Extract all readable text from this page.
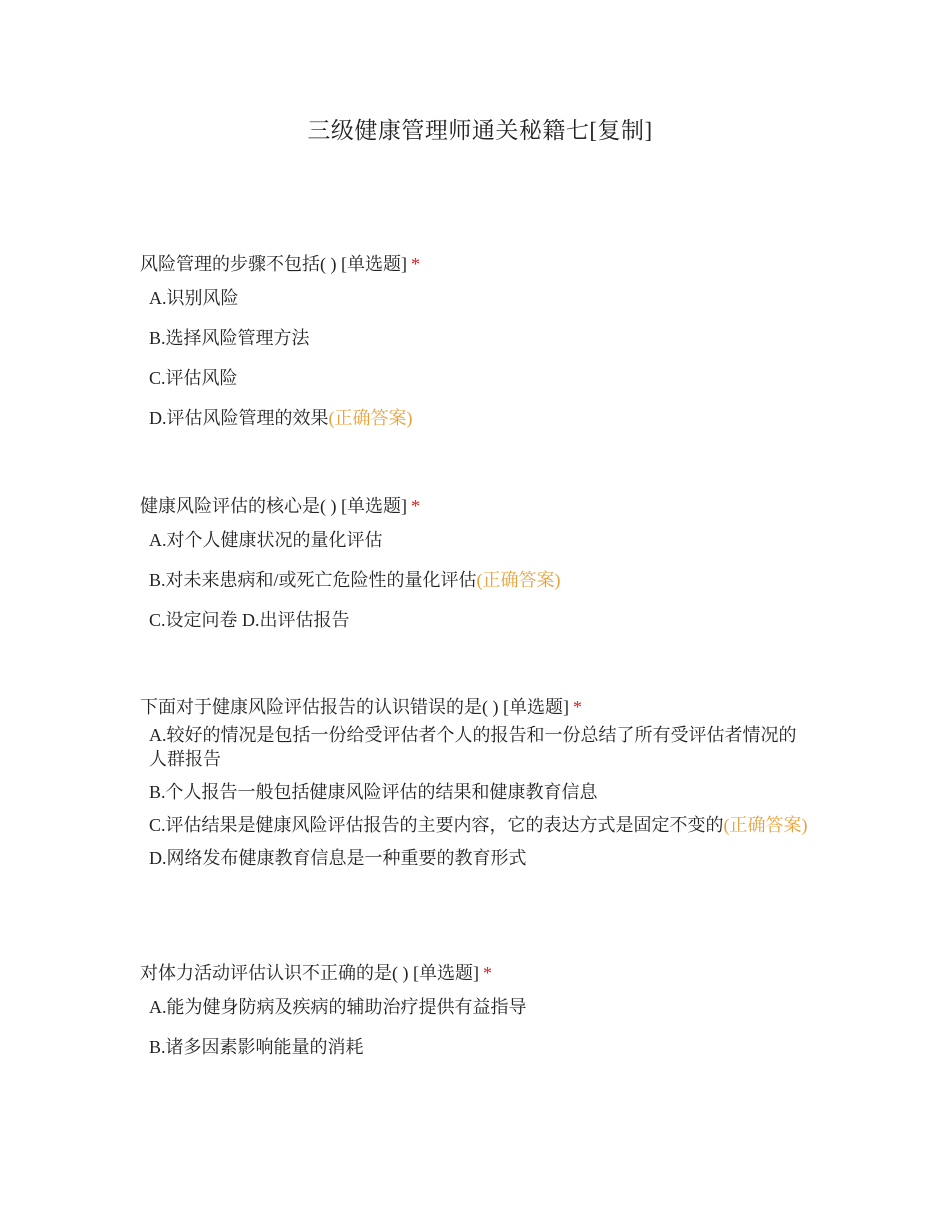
三级健康管理师通关秘籍七[复制]
风险管理的步骤不包括( ) [单选题] *
A.识别风险
B.选择风险管理方法
C.评估风险
D.评估风险管理的效果(正确答案)
健康风险评估的核心是( ) [单选题] *
A.对个人健康状况的量化评估
B.对未来患病和/或死亡危险性的量化评估(正确答案)
C.设定问卷 D.出评估报告
下面对于健康风险评估报告的认识错误的是( ) [单选题] *
A.较好的情况是包括一份给受评估者个人的报告和一份总结了所有受评估者情况的人群报告
B.个人报告一般包括健康风险评估的结果和健康教育信息
C.评估结果是健康风险评估报告的主要内容，它的表达方式是固定不变的(正确答案)
D.网络发布健康教育信息是一种重要的教育形式
对体力活动评估认识不正确的是( ) [单选题] *
A.能为健身防病及疾病的辅助治疗提供有益指导
B.诸多因素影响能量的消耗
